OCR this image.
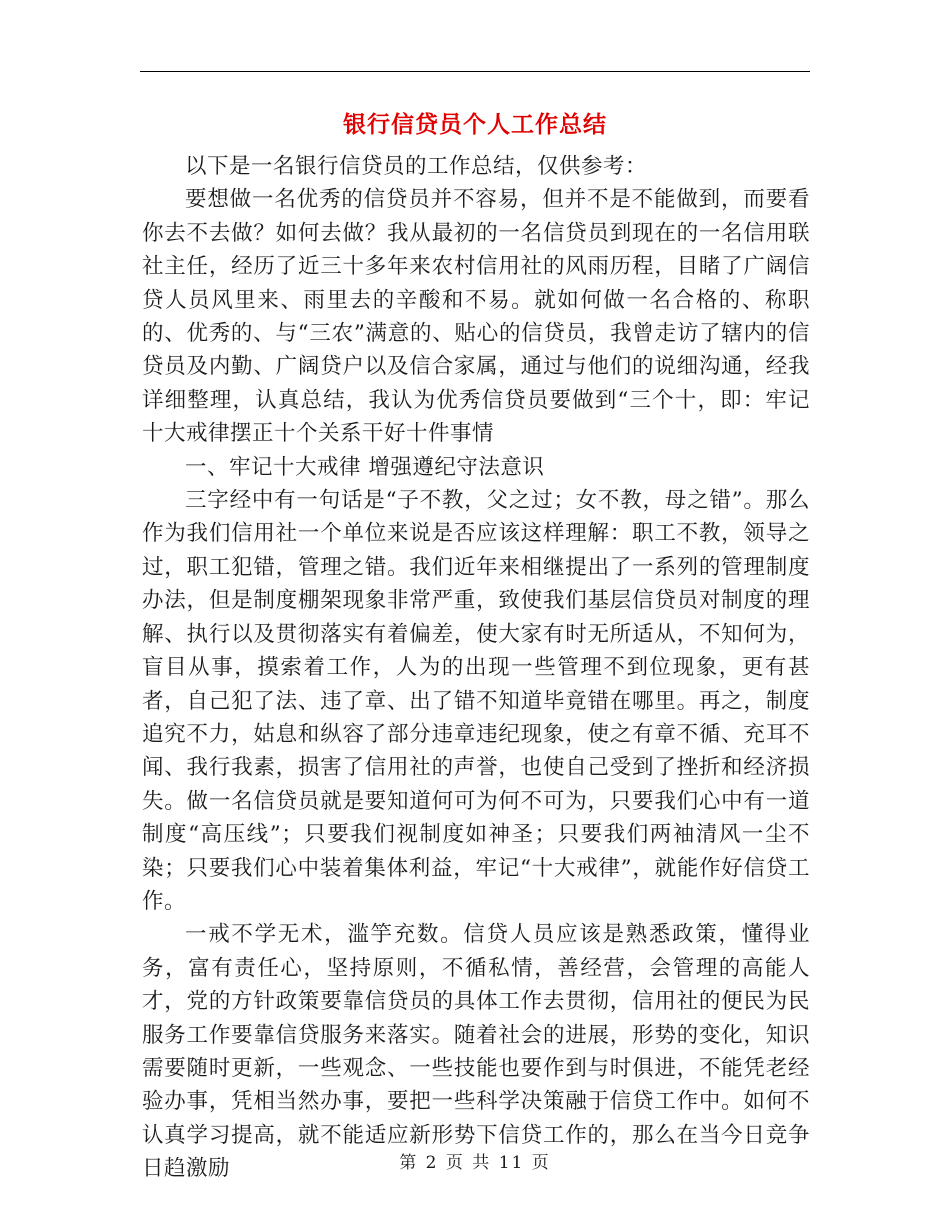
银行信贷员个人工作总结

以下是一名银行信贷员的工作总结，仅供参考：

要想做一名优秀的信贷员并不容易，但并不是不能做到，而要看你去不去做？如何去做？我从最初的一名信贷员到现在的一名信用联社主任，经历了近三十多年来农村信用社的风雨历程，目睹了广阔信贷人员风里来、雨里去的辛酸和不易。就如何做一名合格的、称职的、优秀的、与“三农”满意的、贴心的信贷员，我曾走访了辖内的信贷员及内勤、广阔贷户以及信合家属，通过与他们的说细沟通，经我详细整理，认真总结，我认为优秀信贷员要做到“三个十，即：牢记十大戒律摆正十个关系干好十件事情

一、牢记十大戒律 增强遵纪守法意识

三字经中有一句话是“子不教，父之过；女不教，母之错”。那么作为我们信用社一个单位来说是否应该这样理解：职工不教，领导之过，职工犯错，管理之错。我们近年来相继提出了一系列的管理制度办法，但是制度棚架现象非常严重，致使我们基层信贷员对制度的理解、执行以及贯彻落实有着偏差，使大家有时无所适从，不知何为，盲目从事，摸索着工作，人为的出现一些管理不到位现象，更有甚者，自己犯了法、违了章、出了错不知道毕竟错在哪里。再之，制度追究不力，姑息和纵容了部分违章违纪现象，使之有章不循、充耳不闻、我行我素，损害了信用社的声誉，也使自己受到了挫折和经济损失。做一名信贷员就是要知道何可为何不可为，只要我们心中有一道制度“高压线”；只要我们视制度如神圣；只要我们两袖清风一尘不染；只要我们心中装着集体利益，牢记“十大戒律”，就能作好信贷工作。

一戒不学无术，滥竽充数。信贷人员应该是熟悉政策，懂得业务，富有责任心，坚持原则，不循私情，善经营，会管理的高能人才，党的方针政策要靠信贷员的具体工作去贯彻，信用社的便民为民服务工作要靠信贷服务来落实。随着社会的进展，形势的变化，知识需要随时更新，一些观念、一些技能也要作到与时俱进，不能凭老经验办事，凭相当然办事，要把一些科学决策融于信贷工作中。如何不认真学习提高，就不能适应新形势下信贷工作的，那么在当今日竞争日趋激励	第 2 页 共 11 页
